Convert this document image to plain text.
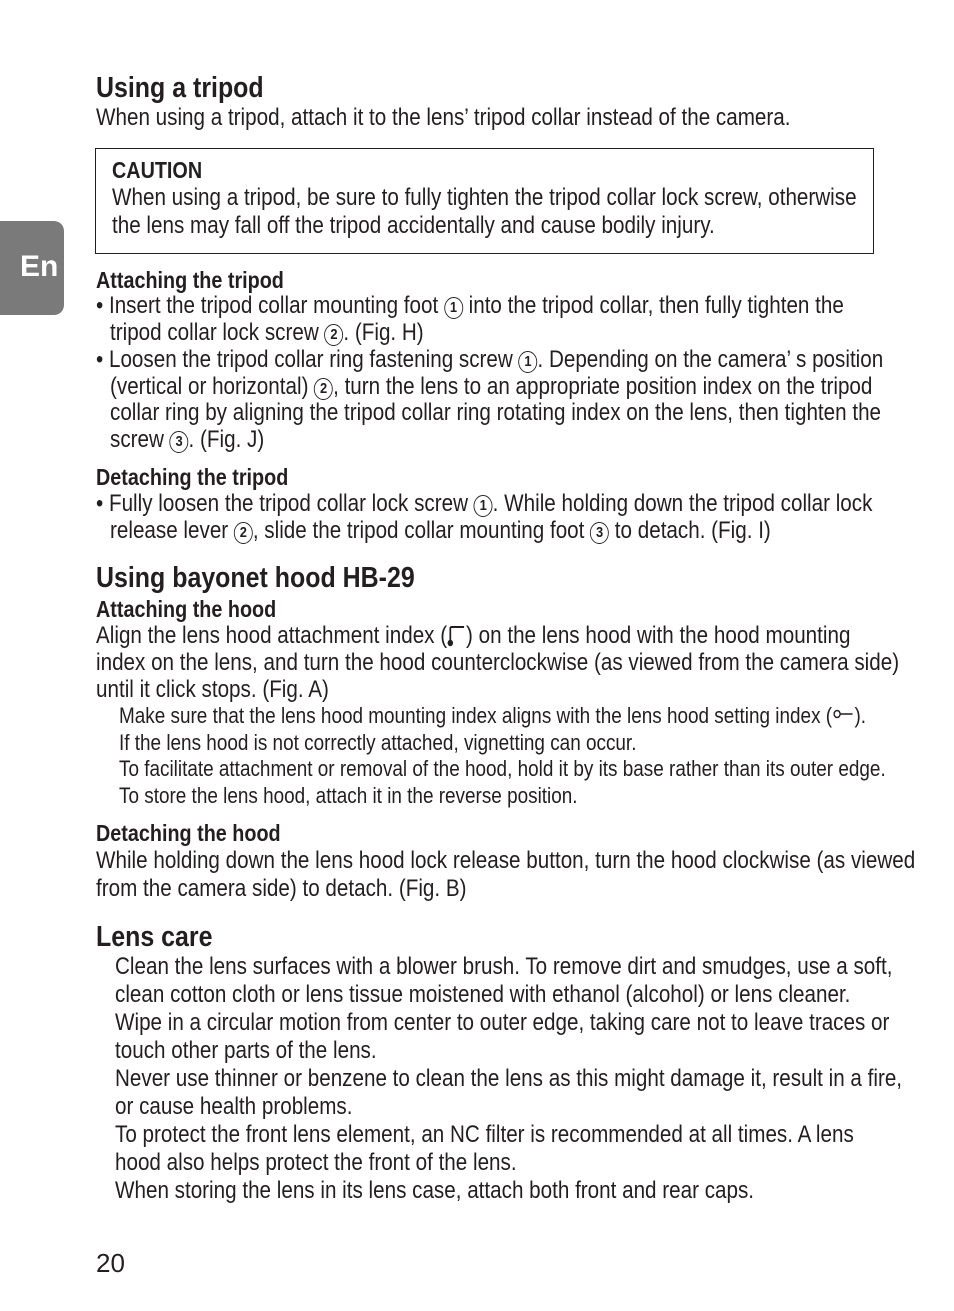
En
Using a tripod
When using a tripod, attach it to the lens’ tripod collar instead of the camera.
CAUTION
When using a tripod, be sure to fully tighten the tripod collar lock screw, otherwise
the lens may fall off the tripod accidentally and cause bodily injury.
Attaching the tripod
• Insert the tripod collar mounting foot 1 into the tripod collar, then fully tighten the
tripod collar lock screw 2 . (Fig. H)
• Loosen the tripod collar ring fastening screw 1 . Depending on the camera’ s position
(vertical or horizontal) 2 , turn the lens to an appropriate position index on the tripod
collar ring by aligning the tripod collar ring rotating index on the lens, then tighten the
screw 3 . (Fig. J)
Detaching the tripod
• Fully loosen the tripod collar lock screw 1 . While holding down the tripod collar lock
release lever 2 , slide the tripod collar mounting foot 3 to detach. (Fig. I)
Using bayonet hood HB-29
Attaching the hood
Align the lens hood attachment index ( ) on the lens hood with the hood mounting
index on the lens, and turn the hood counterclockwise (as viewed from the camera side)
until it click stops. (Fig. A)
Make sure that the lens hood mounting index aligns with the lens hood setting index ( ).
If the lens hood is not correctly attached, vignetting can occur.
To facilitate attachment or removal of the hood, hold it by its base rather than its outer edge.
To store the lens hood, attach it in the reverse position.
Detaching the hood
While holding down the lens hood lock release button, turn the hood clockwise (as viewed
from the camera side) to detach. (Fig. B)
Lens care
Clean the lens surfaces with a blower brush. To remove dirt and smudges, use a soft,
clean cotton cloth or lens tissue moistened with ethanol (alcohol) or lens cleaner.
Wipe in a circular motion from center to outer edge, taking care not to leave traces or
touch other parts of the lens.
Never use thinner or benzene to clean the lens as this might damage it, result in a fire,
or cause health problems.
To protect the front lens element, an NC filter is recommended at all times. A lens
hood also helps protect the front of the lens.
When storing the lens in its lens case, attach both front and rear caps.
20
